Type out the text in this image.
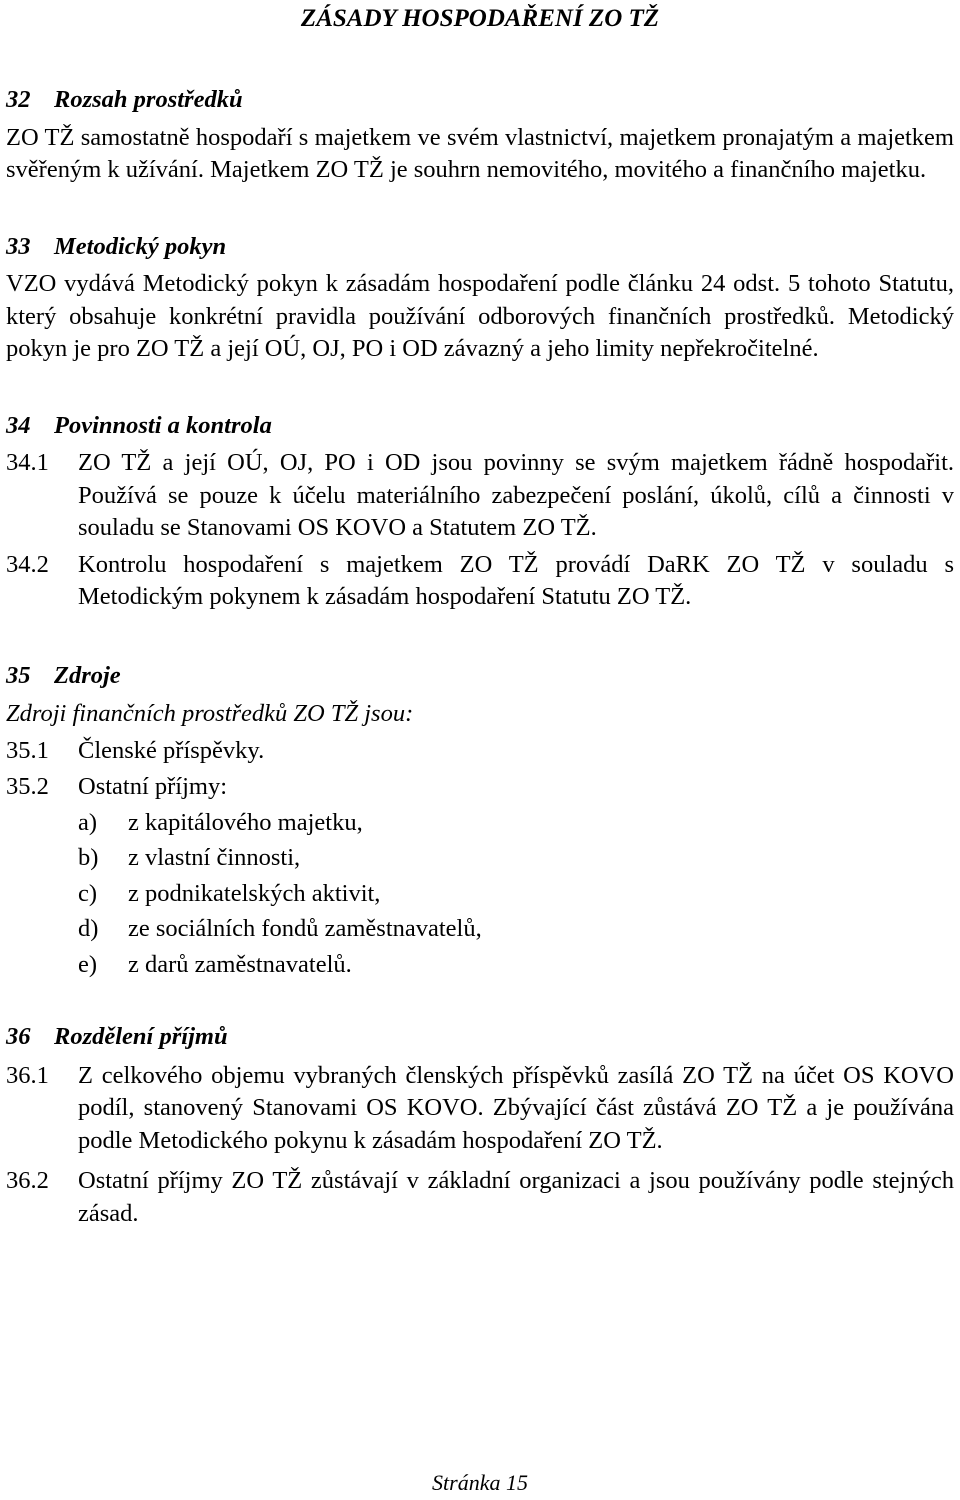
ZÁSADY HOSPODAŘENÍ ZO TŽ
32 Rozsah prostředků

ZO TŽ samostatně hospodaří s majetkem ve svém vlastnictví, majetkem pronajatým a majetkem svěřeným k užívání. Majetkem ZO TŽ je souhrn nemovitého, movitého a finančního majetku.

33 Metodický pokyn

VZO vydává Metodický pokyn k zásadám hospodaření podle článku 24 odst. 5 tohoto Statutu, který obsahuje konkrétní pravidla používání odborových finančních prostředků. Metodický pokyn je pro ZO TŽ a její OÚ, OJ, PO i OD závazný a jeho limity nepřekročitelné.

34 Povinnosti a kontrola
34.1	ZO TŽ a její OÚ, OJ, PO i OD jsou povinny se svým majetkem řádně hospodařit. Používá se pouze k účelu materiálního zabezpečení poslání, úkolů, cílů a činnosti v souladu se Stanovami OS KOVO a Statutem ZO TŽ.
34.2	Kontrolu hospodaření s majetkem ZO TŽ provádí DaRK ZO TŽ v souladu s Metodickým pokynem k zásadám hospodaření Statutu ZO TŽ.
35 Zdroje

Zdroji finančních prostředků ZO TŽ jsou:

35.1	Členské příspěvky.
35.2	Ostatní příjmy:
a)	z kapitálového majetku,
b)	z vlastní činnosti,
c)	z podnikatelských aktivit,
d)	ze sociálních fondů zaměstnavatelů,
e)	z darů zaměstnavatelů.
36 Rozdělení příjmů
36.1	Z celkového objemu vybraných členských příspěvků zasílá ZO TŽ na účet OS KOVO podíl, stanovený Stanovami OS KOVO. Zbývající část zůstává ZO TŽ a je používána podle Metodického pokynu k zásadám hospodaření ZO TŽ.
36.2	Ostatní příjmy ZO TŽ zůstávají v základní organizaci a jsou používány podle stejných zásad.
Stránka 15
